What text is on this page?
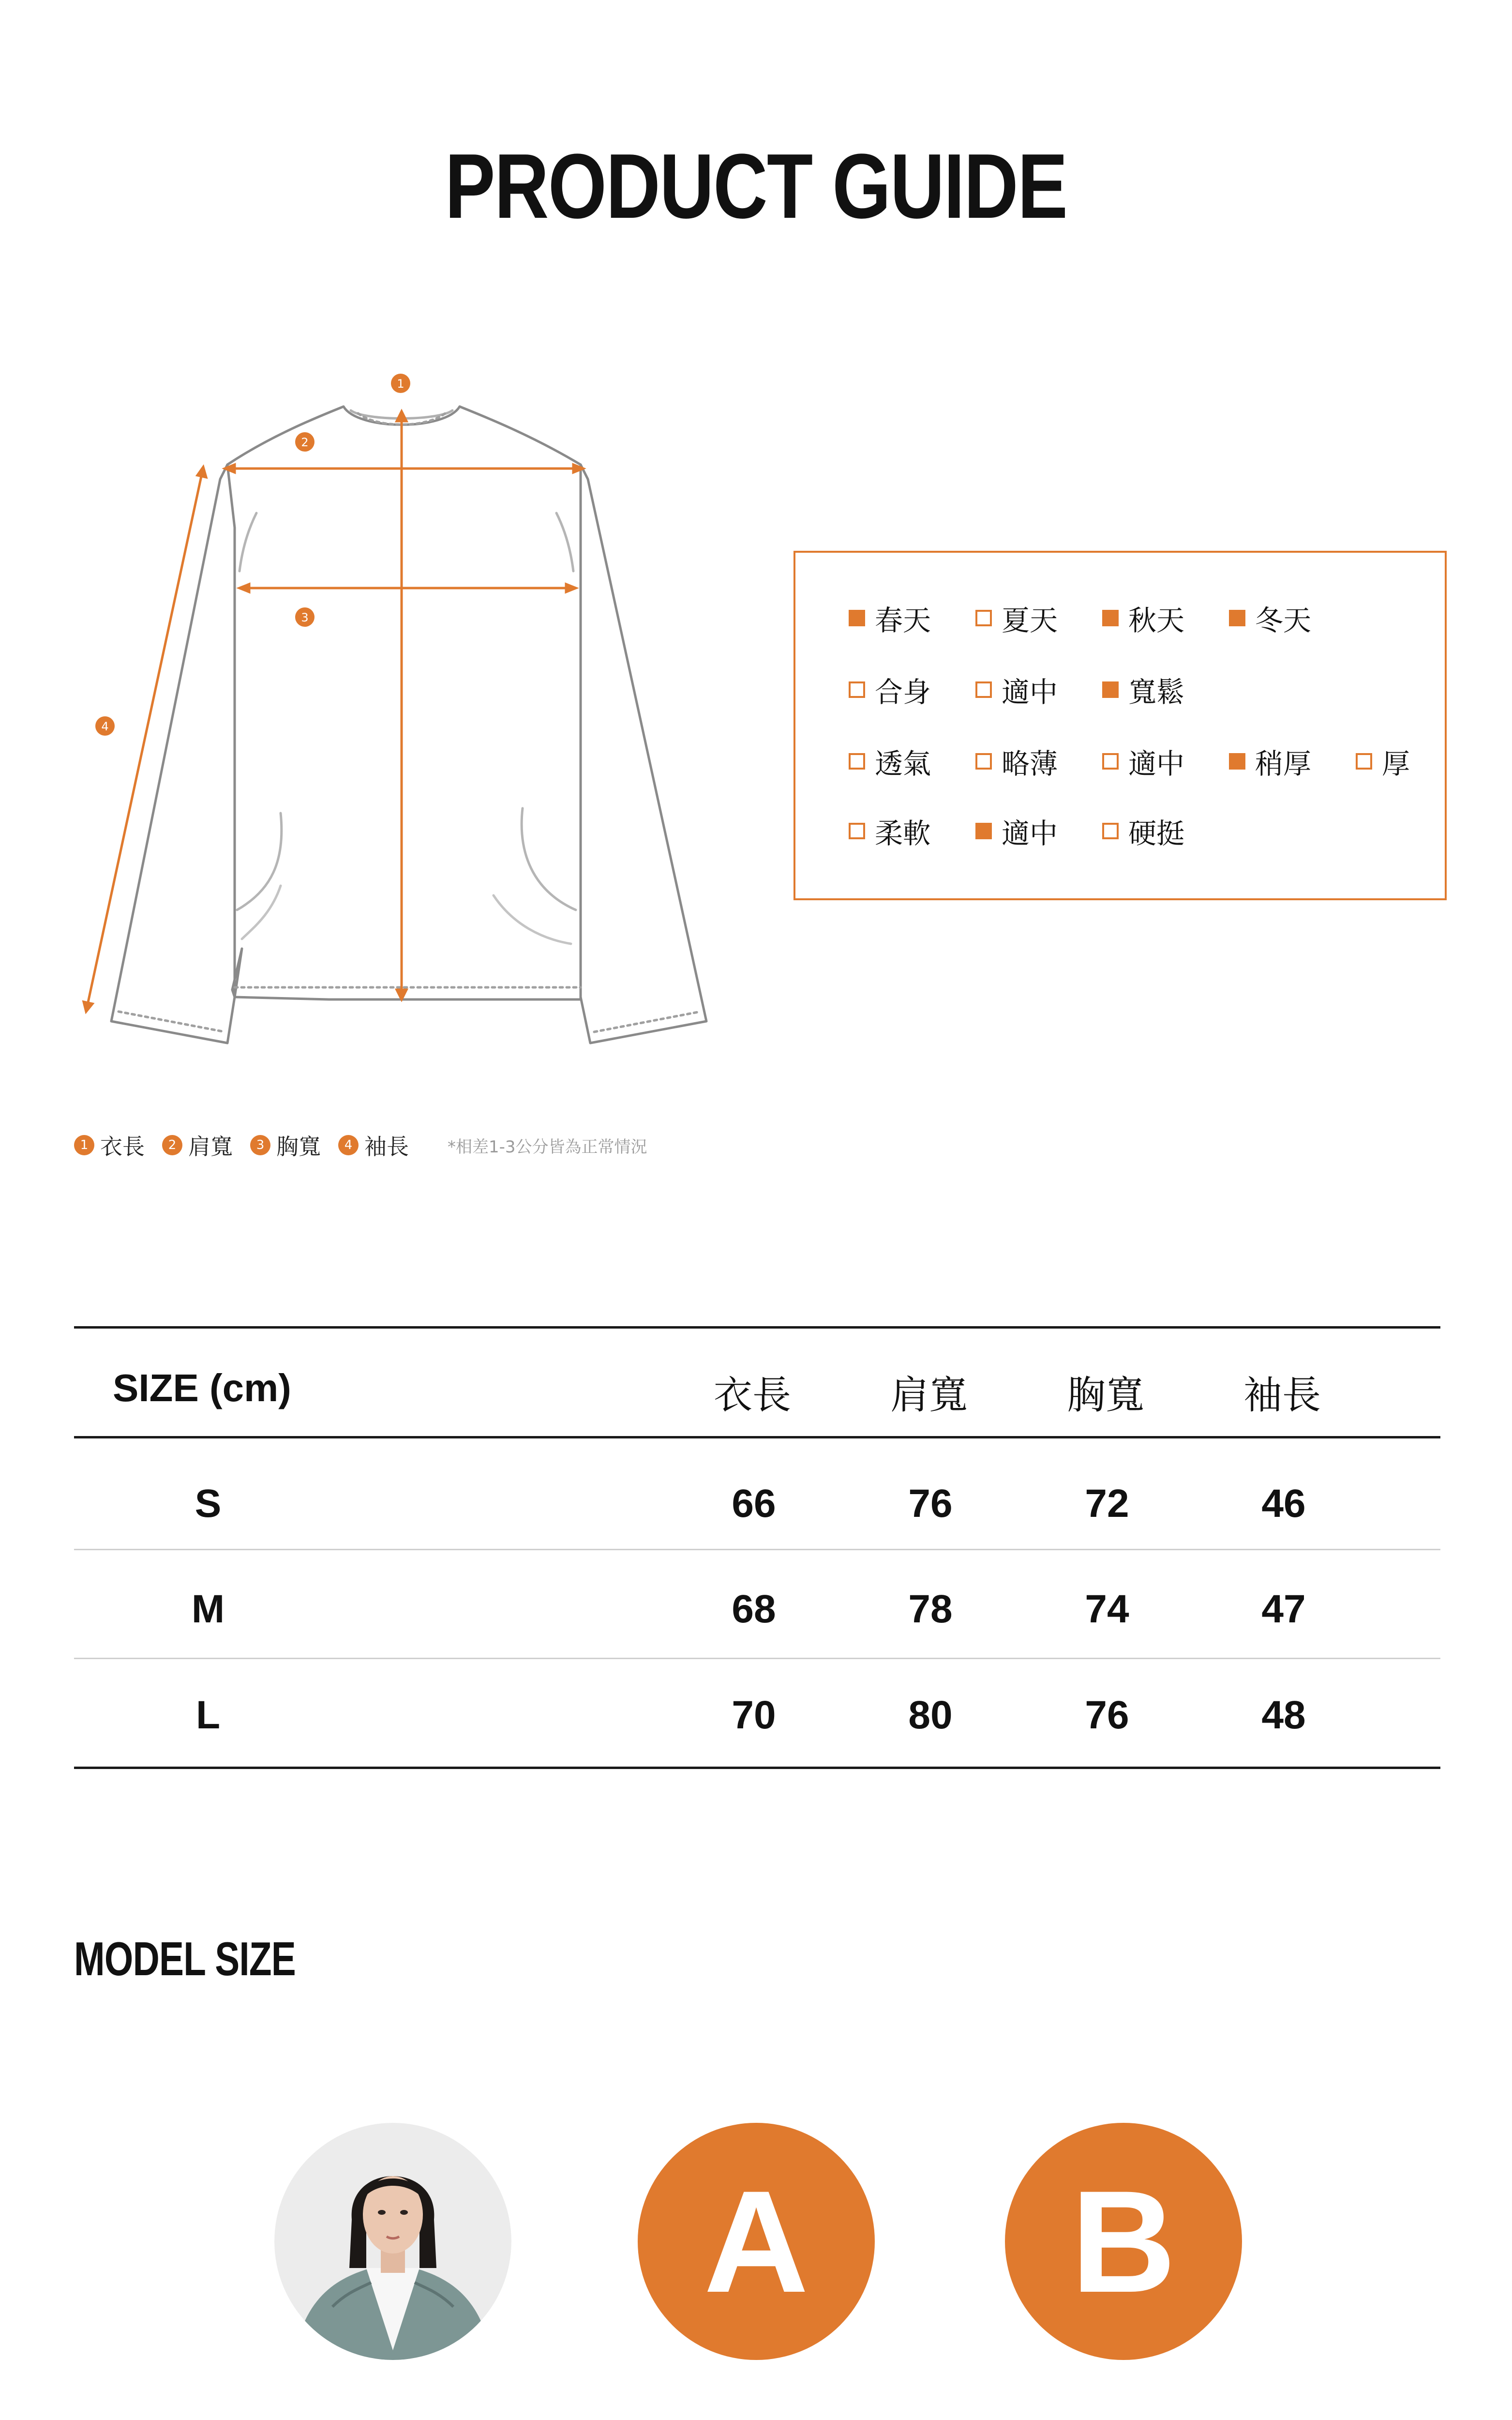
PRODUCT GUIDE
1
2
3
4
春天	夏天	秋天	冬天
合身	適中	寬鬆
透氣	略薄	適中	稍厚	厚
柔軟	適中	硬挺
1 衣長	2 肩寬	3 胸寬	4 袖長 *相差1-3公分皆為正常情況
SIZE (cm)	衣長	肩寬	胸寬	袖長
S	66	76	72	46
M	68	78	74	47
L	70	80	76	48
MODEL SIZE
A	B
